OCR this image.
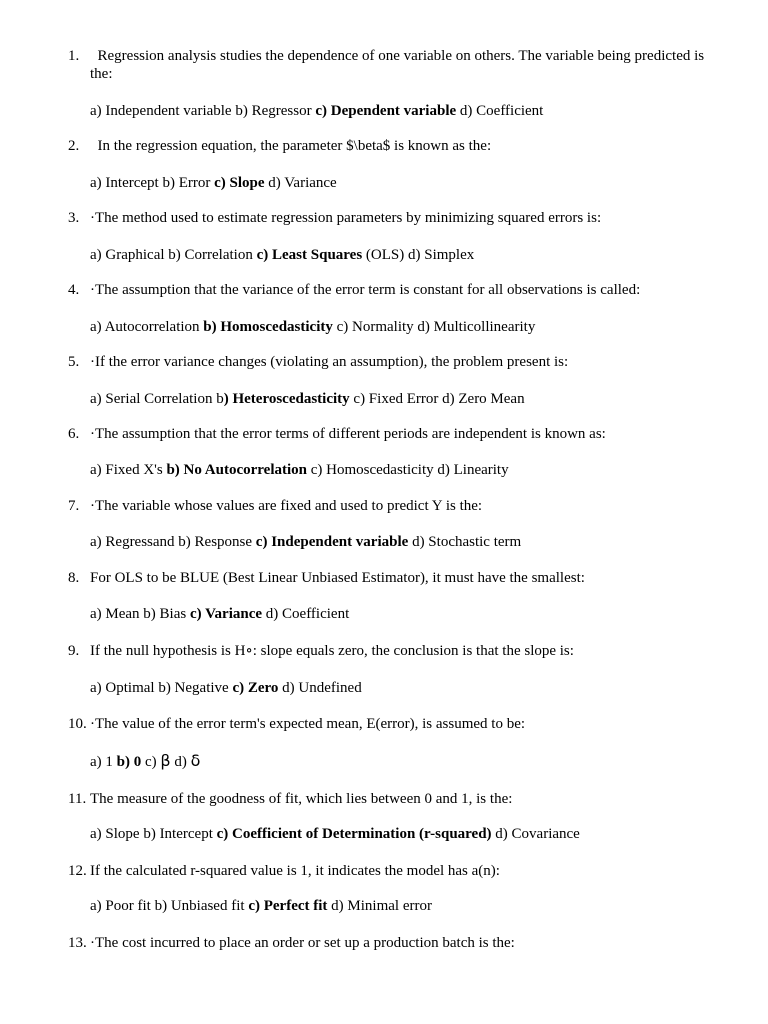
1. Regression analysis studies the dependence of one variable on others. The variable being predicted is the:
a) Independent variable b) Regressor c) Dependent variable d) Coefficient
2. In the regression equation, the parameter $\beta$ is known as the:
a) Intercept b) Error c) Slope d) Variance
3. ·The method used to estimate regression parameters by minimizing squared errors is:
a) Graphical b) Correlation c) Least Squares (OLS) d) Simplex
4. ·The assumption that the variance of the error term is constant for all observations is called:
a) Autocorrelation b) Homoscedasticity c) Normality d) Multicollinearity
5. ·If the error variance changes (violating an assumption), the problem present is:
a) Serial Correlation b) Heteroscedasticity c) Fixed Error d) Zero Mean
6. ·The assumption that the error terms of different periods are independent is known as:
a) Fixed X's b) No Autocorrelation c) Homoscedasticity d) Linearity
7. ·The variable whose values are fixed and used to predict Y is the:
a) Regressand b) Response c) Independent variable d) Stochastic term
8. For OLS to be BLUE (Best Linear Unbiased Estimator), it must have the smallest:
a) Mean b) Bias c) Variance d) Coefficient
9. If the null hypothesis is H∘: slope equals zero, the conclusion is that the slope is:
a) Optimal b) Negative c) Zero d) Undefined
10. ·The value of the error term's expected mean, E(error), is assumed to be:
a) 1 b) 0 c) β d) δ
11. The measure of the goodness of fit, which lies between 0 and 1, is the:
a) Slope b) Intercept c) Coefficient of Determination (r-squared) d) Covariance
12. If the calculated r-squared value is 1, it indicates the model has a(n):
a) Poor fit b) Unbiased fit c) Perfect fit d) Minimal error
13. ·The cost incurred to place an order or set up a production batch is the:
